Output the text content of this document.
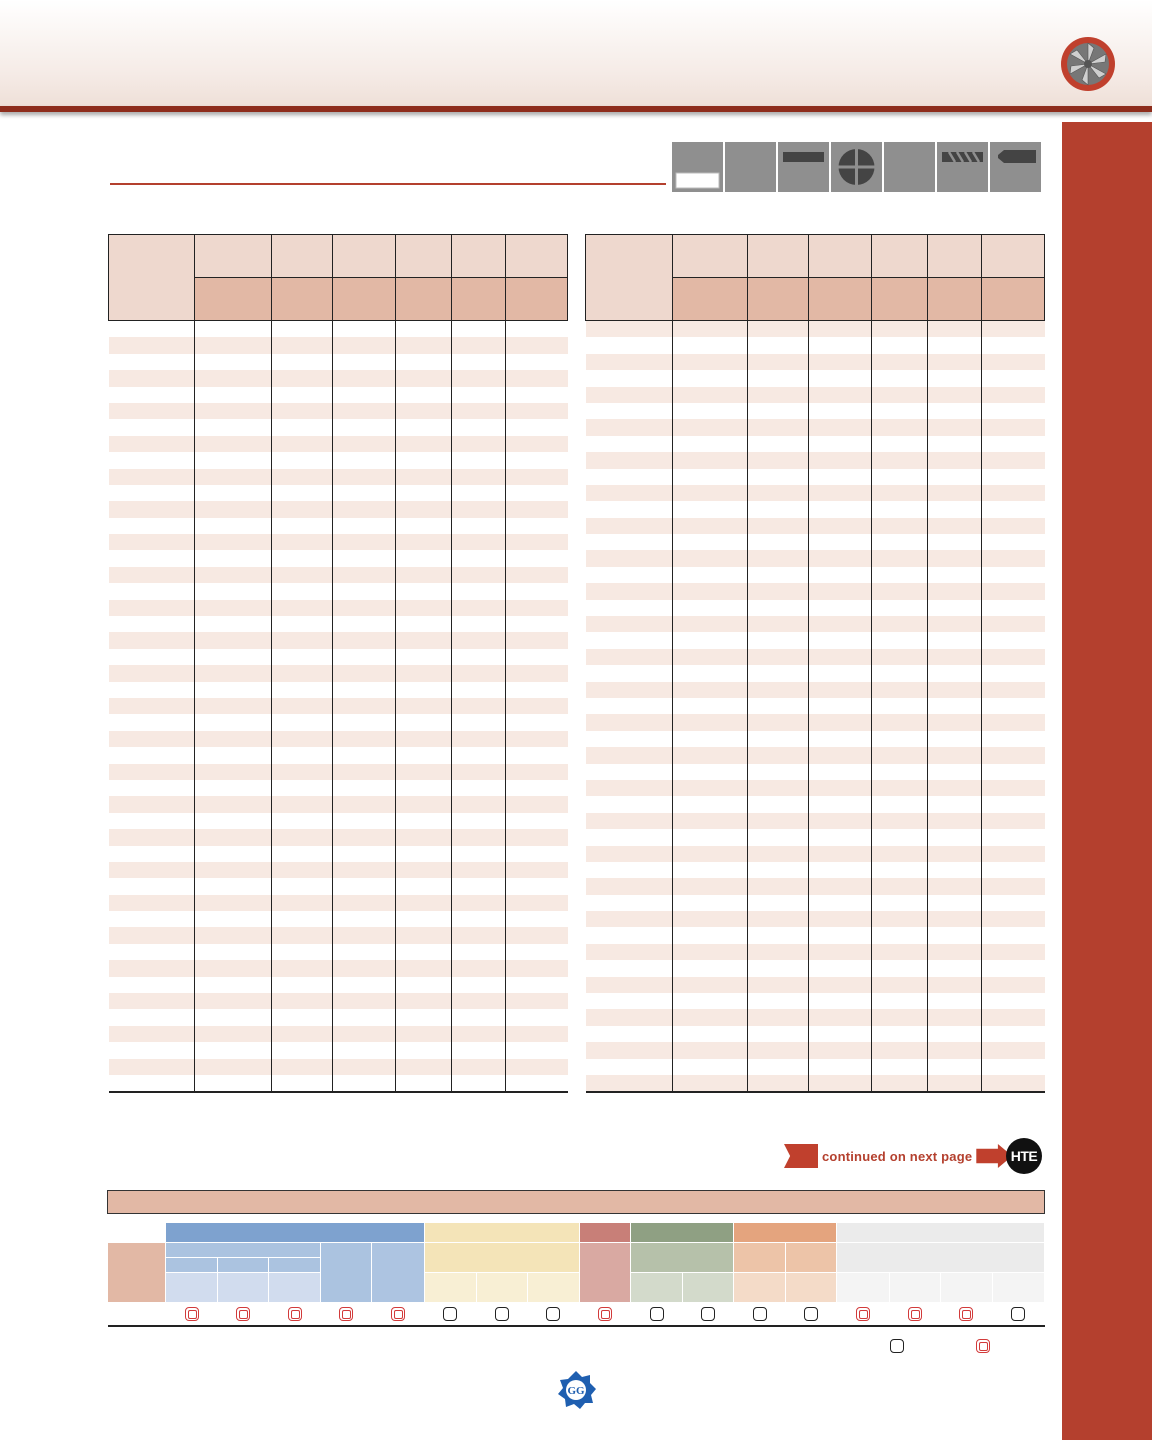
continued on next page	HTE

GG
